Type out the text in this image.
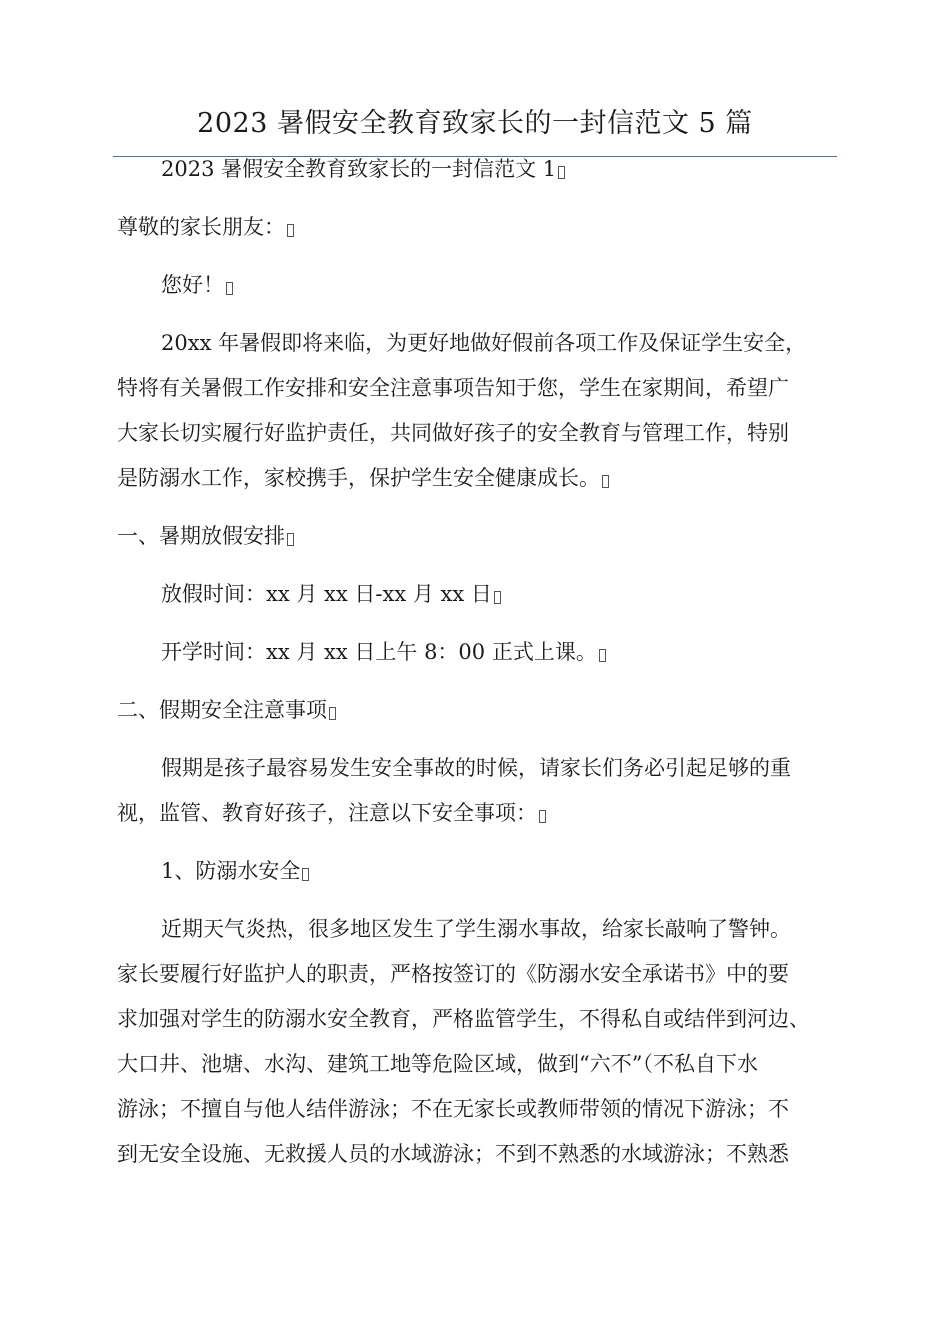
2023 暑假安全教育致家长的一封信范文 5 篇
2023 暑假安全教育致家长的一封信范文 1
尊敬的家长朋友：
您好！
20xx 年暑假即将来临，为更好地做好假前各项工作及保证学生安全，
特将有关暑假工作安排和安全注意事项告知于您，学生在家期间，希望广
大家长切实履行好监护责任，共同做好孩子的安全教育与管理工作，特别
是防溺水工作，家校携手，保护学生安全健康成长。
一、暑期放假安排
放假时间：xx 月 xx 日-xx 月 xx 日
开学时间：xx 月 xx 日上午 8：00 正式上课。
二、假期安全注意事项
假期是孩子最容易发生安全事故的时候，请家长们务必引起足够的重
视，监管、教育好孩子，注意以下安全事项：
1、防溺水安全
近期天气炎热，很多地区发生了学生溺水事故，给家长敲响了警钟。
家长要履行好监护人的职责，严格按签订的《防溺水安全承诺书》中的要
求加强对学生的防溺水安全教育，严格监管学生，不得私自或结伴到河边、
大口井、池塘、水沟、建筑工地等危险区域，做到“六不”（不私自下水
游泳；不擅自与他人结伴游泳；不在无家长或教师带领的情况下游泳；不
到无安全设施、无救援人员的水域游泳；不到不熟悉的水域游泳；不熟悉
